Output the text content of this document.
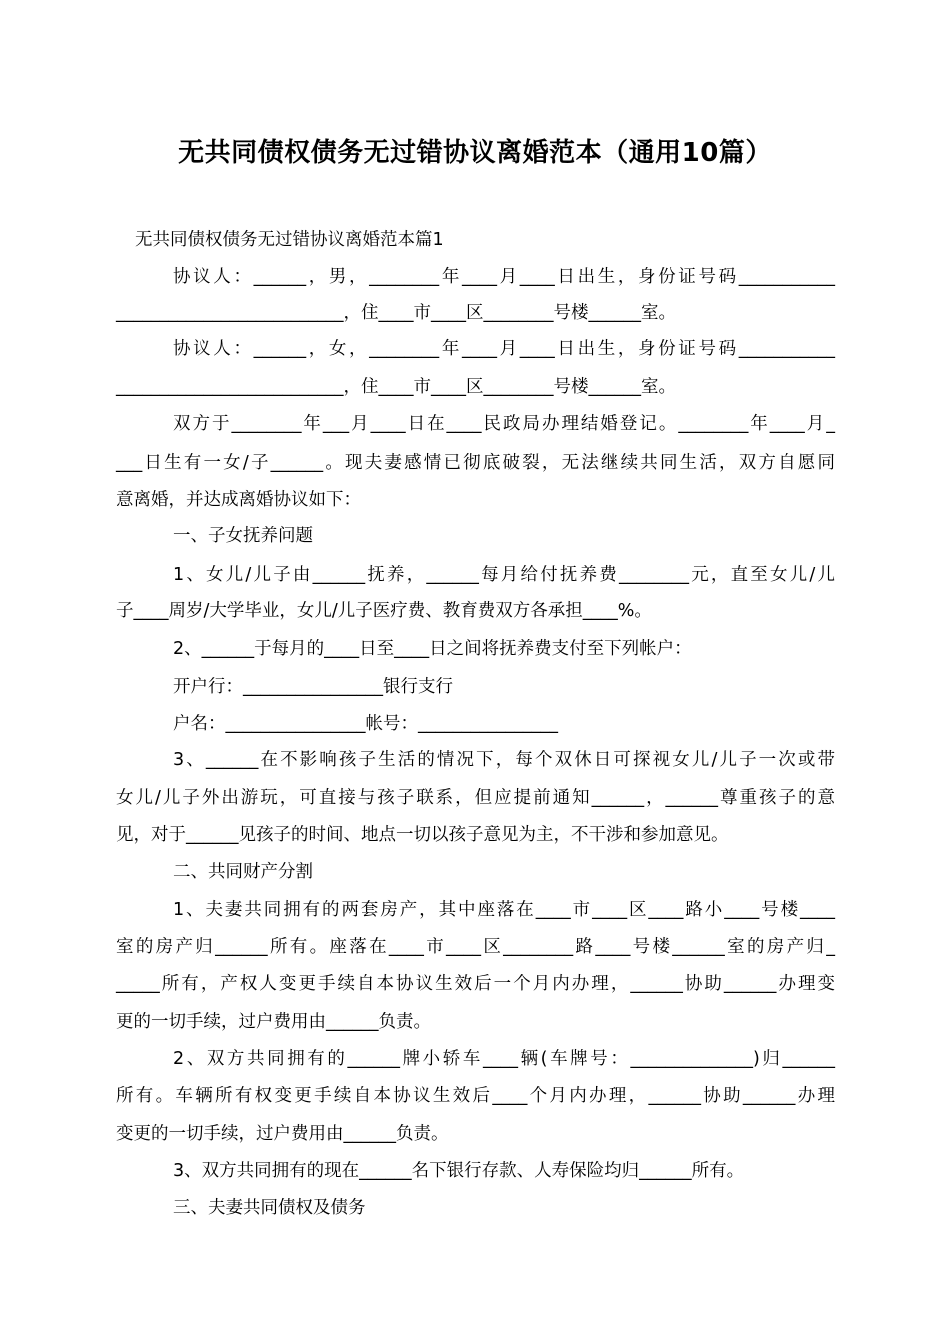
无共同债权债务无过错协议离婚范本（通用10篇）
无共同债权债务无过错协议离婚范本篇1
协议人：______，男，________年____月____日出生，身份证号码___________
__________________________，住____市____区________号楼______室。
协议人：______，女，________年____月____日出生，身份证号码___________
__________________________，住____市____区________号楼______室。
双方于________年___月____日在____民政局办理结婚登记。________年____月_
___日生有一女/子______。现夫妻感情已彻底破裂，无法继续共同生活，双方自愿同
意离婚，并达成离婚协议如下：
一、子女抚养问题
1、女儿/儿子由______抚养，______每月给付抚养费________元，直至女儿/儿
子____周岁/大学毕业，女儿/儿子医疗费、教育费双方各承担____%。
2、______于每月的____日至____日之间将抚养费支付至下列帐户：
开户行：________________银行支行
户名：________________帐号：________________
3、______在不影响孩子生活的情况下，每个双休日可探视女儿/儿子一次或带
女儿/儿子外出游玩，可直接与孩子联系，但应提前通知______，______尊重孩子的意
见，对于______见孩子的时间、地点一切以孩子意见为主，不干涉和参加意见。
二、共同财产分割
1、夫妻共同拥有的两套房产，其中座落在____市____区____路小____号楼____
室的房产归______所有。座落在____市____区________路____号楼______室的房产归_
_____所有，产权人变更手续自本协议生效后一个月内办理，______协助______办理变
更的一切手续，过户费用由______负责。
2、双方共同拥有的______牌小轿车____辆(车牌号：______________)归______
所有。车辆所有权变更手续自本协议生效后____个月内办理，______协助______办理
变更的一切手续，过户费用由______负责。
3、双方共同拥有的现在______名下银行存款、人寿保险均归______所有。
三、夫妻共同债权及债务
